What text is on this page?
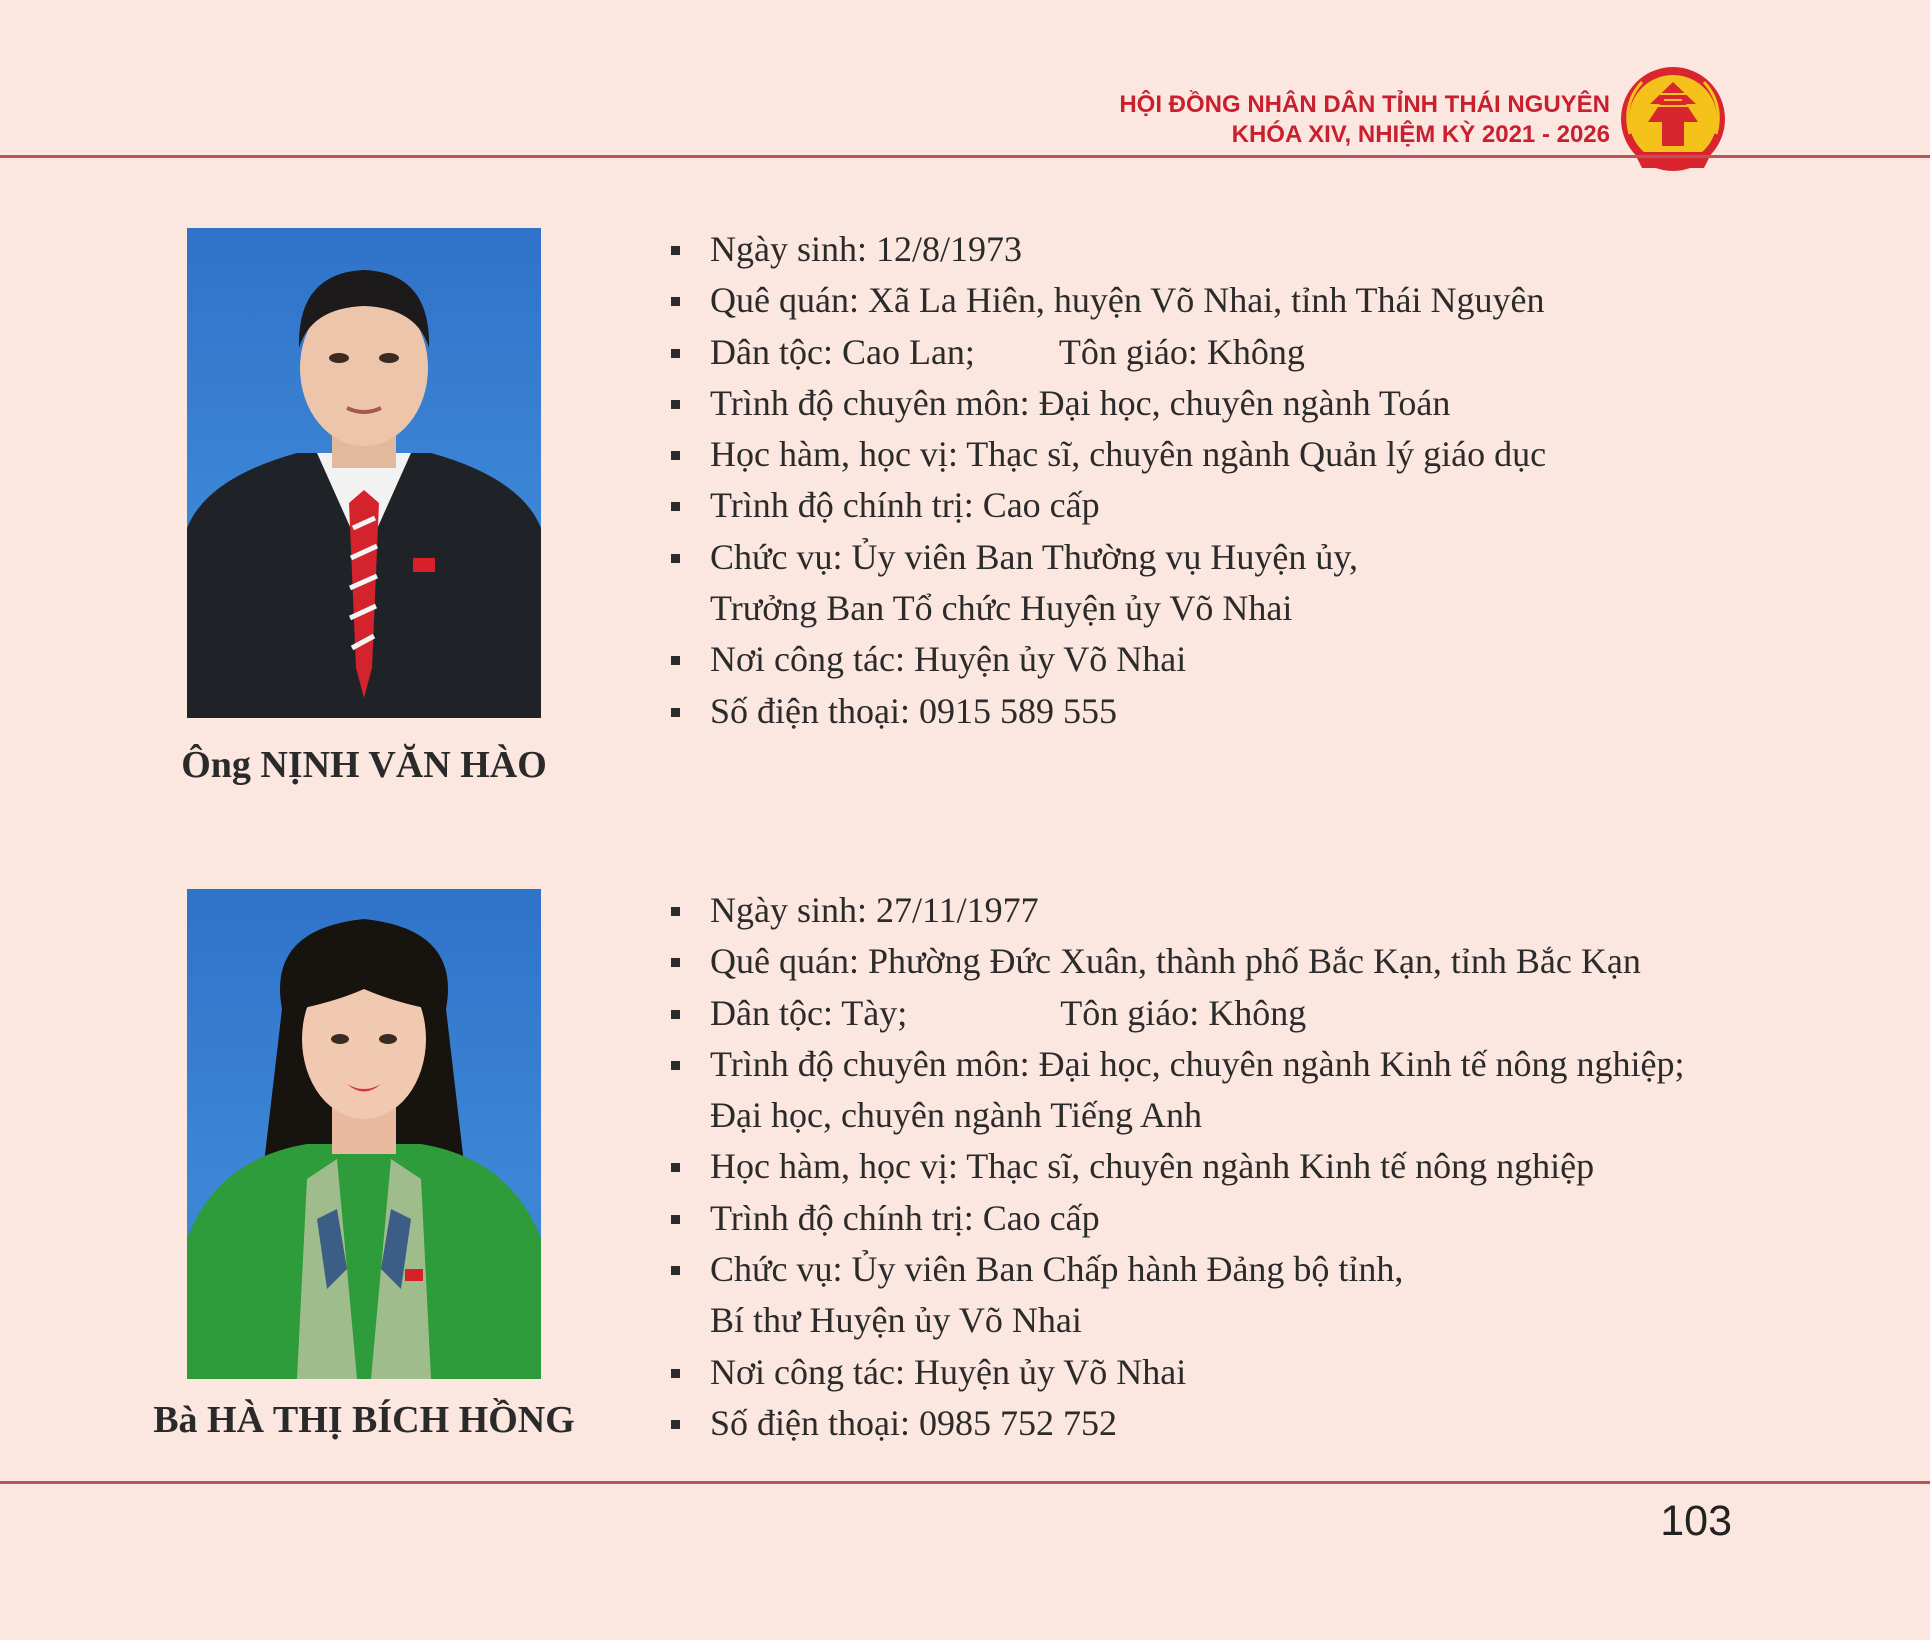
HỘI ĐỒNG NHÂN DÂN TỈNH THÁI NGUYÊN
KHÓA XIV, NHIỆM KỲ 2021 - 2026
Ông NỊNH VĂN HÀO
Ngày sinh: 12/8/1973
Quê quán: Xã La Hiên, huyện Võ Nhai, tỉnh Thái Nguyên
Dân tộc: Cao Lan; Tôn giáo: Không
Trình độ chuyên môn: Đại học, chuyên ngành Toán
Học hàm, học vị: Thạc sĩ, chuyên ngành Quản lý giáo dục
Trình độ chính trị: Cao cấp
Chức vụ: Ủy viên Ban Thường vụ Huyện ủy,
Trưởng Ban Tổ chức Huyện ủy Võ Nhai
Nơi công tác: Huyện ủy Võ Nhai
Số điện thoại: 0915 589 555
Bà HÀ THỊ BÍCH HỒNG
Ngày sinh: 27/11/1977
Quê quán: Phường Đức Xuân, thành phố Bắc Kạn, tỉnh Bắc Kạn
Dân tộc: Tày;	Tôn giáo: Không
Trình độ chuyên môn: Đại học, chuyên ngành Kinh tế nông nghiệp;
Đại học, chuyên ngành Tiếng Anh
Học hàm, học vị: Thạc sĩ, chuyên ngành Kinh tế nông nghiệp
Trình độ chính trị: Cao cấp
Chức vụ: Ủy viên Ban Chấp hành Đảng bộ tỉnh,
Bí thư Huyện ủy Võ Nhai
Nơi công tác: Huyện ủy Võ Nhai
Số điện thoại: 0985 752 752
103
